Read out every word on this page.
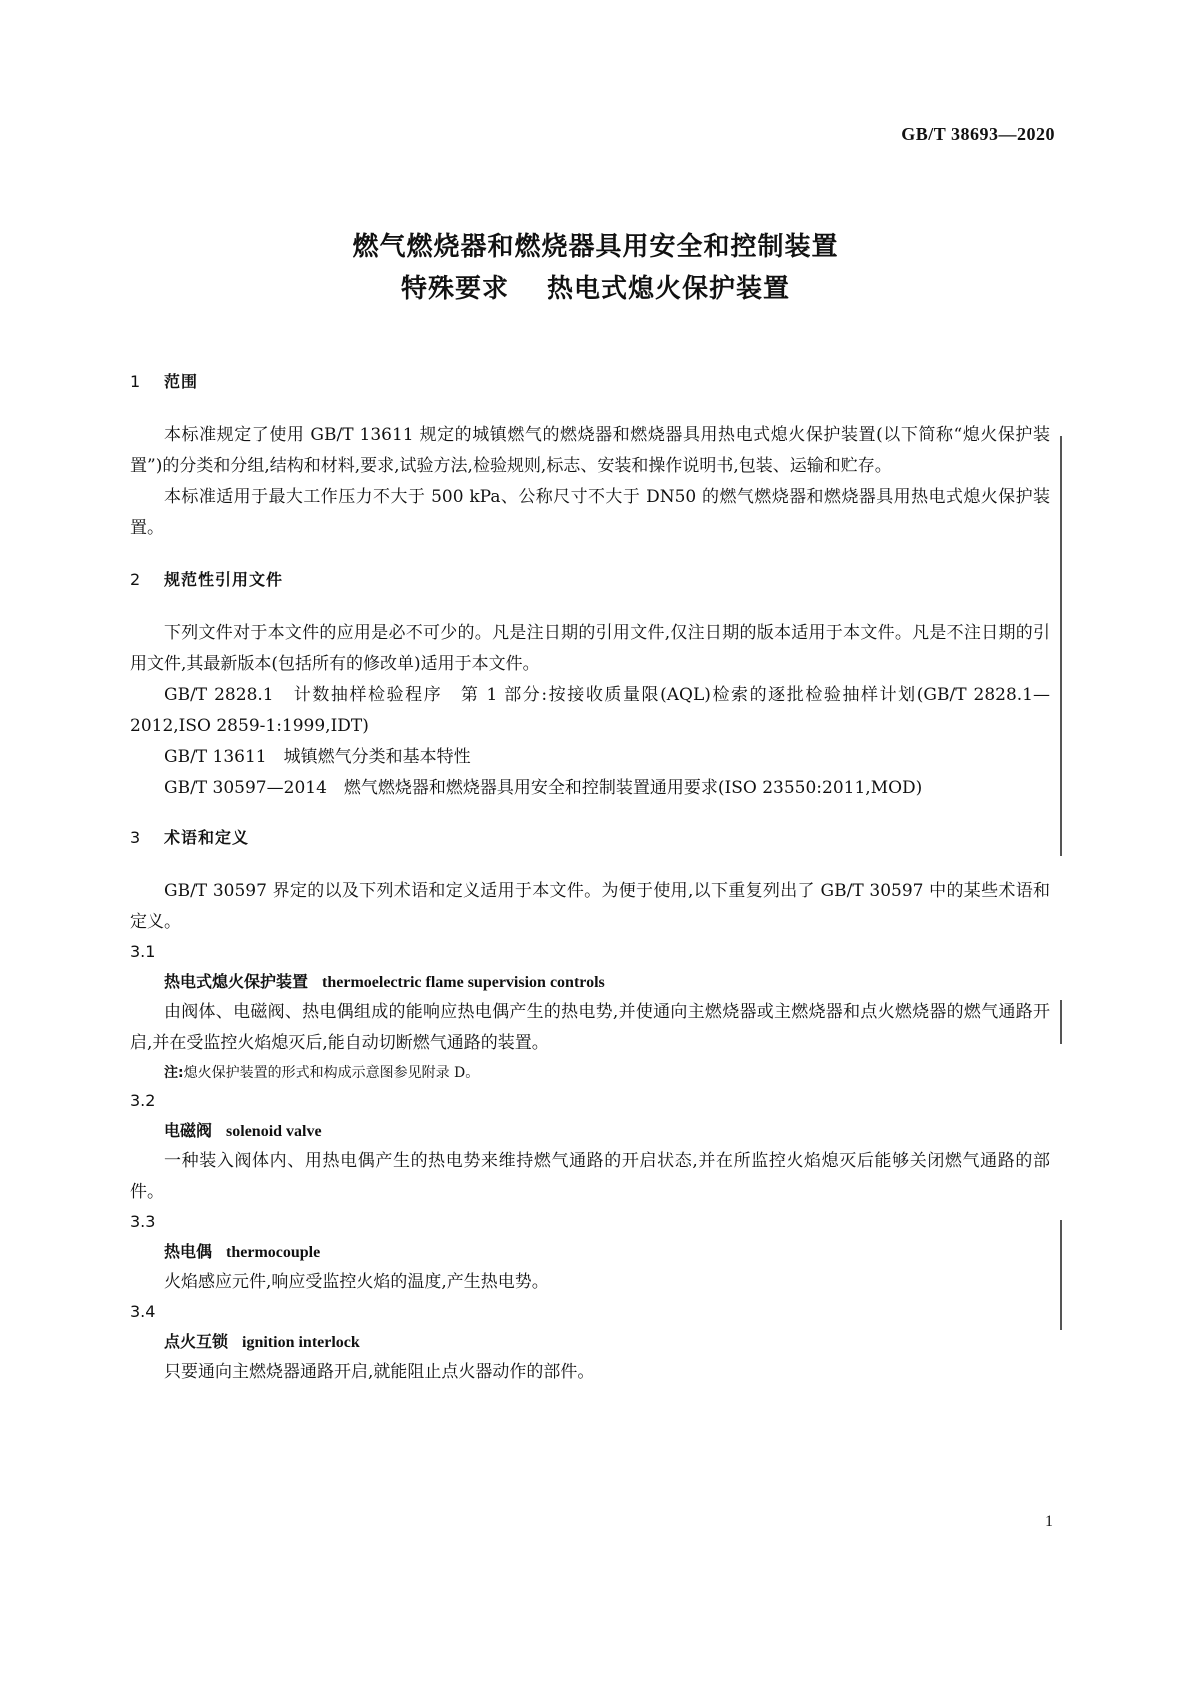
GB/T 38693—2020
燃气燃烧器和燃烧器具用安全和控制装置
特殊要求 热电式熄火保护装置
1 范围
本标准规定了使用 GB/T 13611 规定的城镇燃气的燃烧器和燃烧器具用热电式熄火保护装置(以下简称“熄火保护装置”)的分类和分组,结构和材料,要求,试验方法,检验规则,标志、安装和操作说明书,包装、运输和贮存。
本标准适用于最大工作压力不大于 500 kPa、公称尺寸不大于 DN50 的燃气燃烧器和燃烧器具用热电式熄火保护装置。
2 规范性引用文件
下列文件对于本文件的应用是必不可少的。凡是注日期的引用文件,仅注日期的版本适用于本文件。凡是不注日期的引用文件,其最新版本(包括所有的修改单)适用于本文件。
GB/T 2828.1　计数抽样检验程序　第 1 部分:按接收质量限(AQL)检索的逐批检验抽样计划(GB/T 2828.1—2012,ISO 2859-1:1999,IDT)
GB/T 13611　城镇燃气分类和基本特性
GB/T 30597—2014　燃气燃烧器和燃烧器具用安全和控制装置通用要求(ISO 23550:2011,MOD)
3 术语和定义
GB/T 30597 界定的以及下列术语和定义适用于本文件。为便于使用,以下重复列出了 GB/T 30597 中的某些术语和定义。
3.1
热电式熄火保护装置 thermoelectric flame supervision controls
由阀体、电磁阀、热电偶组成的能响应热电偶产生的热电势,并使通向主燃烧器或主燃烧器和点火燃烧器的燃气通路开启,并在受监控火焰熄灭后,能自动切断燃气通路的装置。
注:熄火保护装置的形式和构成示意图参见附录 D。
3.2
电磁阀 solenoid valve
一种装入阀体内、用热电偶产生的热电势来维持燃气通路的开启状态,并在所监控火焰熄灭后能够关闭燃气通路的部件。
3.3
热电偶 thermocouple
火焰感应元件,响应受监控火焰的温度,产生热电势。
3.4
点火互锁 ignition interlock
只要通向主燃烧器通路开启,就能阻止点火器动作的部件。
1
